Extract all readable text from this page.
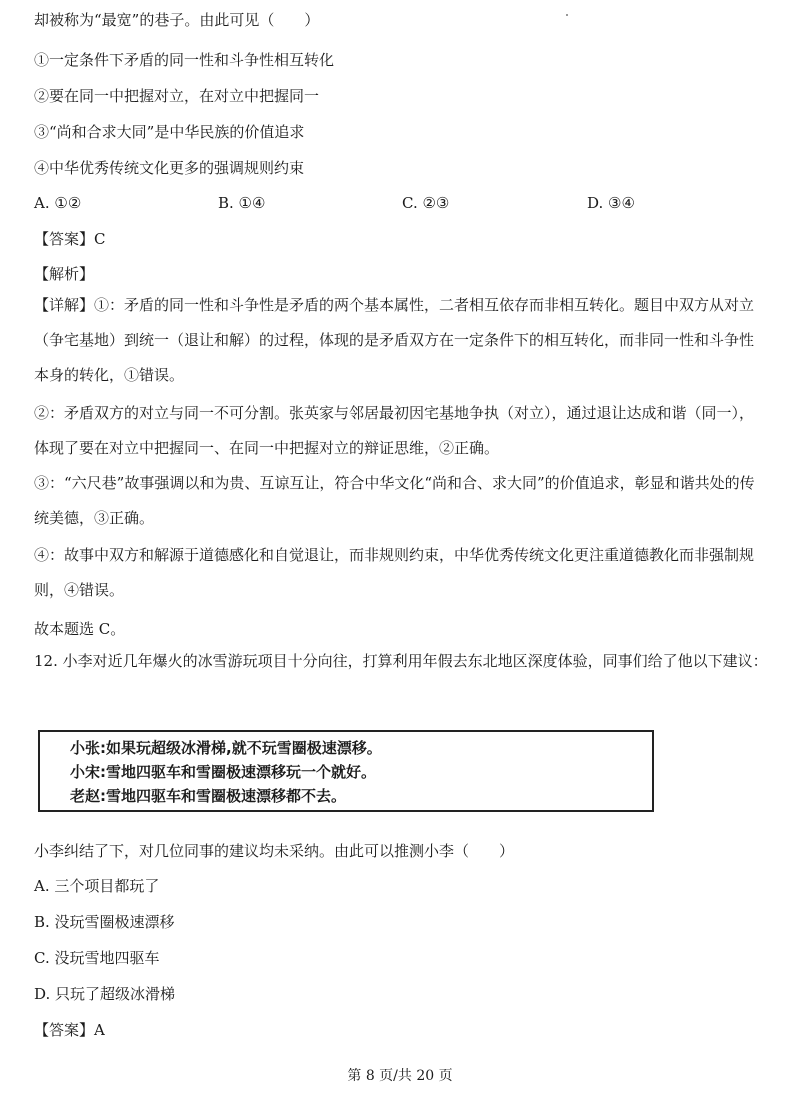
却被称为“最宽”的巷子。由此可见（　　）
①一定条件下矛盾的同一性和斗争性相互转化
②要在同一中把握对立，在对立中把握同一
③“尚和合求大同”是中华民族的价值追求
④中华优秀传统文化更多的强调规则约束
A. ①②	B. ①④	C. ②③	D. ③④
【答案】C
【解析】
【详解】①：矛盾的同一性和斗争性是矛盾的两个基本属性，二者相互依存而非相互转化。题目中双方从对立（争宅基地）到统一（退让和解）的过程，体现的是矛盾双方在一定条件下的相互转化，而非同一性和斗争性本身的转化，①错误。
②：矛盾双方的对立与同一不可分割。张英家与邻居最初因宅基地争执（对立），通过退让达成和谐（同一），体现了要在对立中把握同一、在同一中把握对立的辩证思维，②正确。
③：“六尺巷”故事强调以和为贵、互谅互让，符合中华文化“尚和合、求大同”的价值追求，彰显和谐共处的传统美德，③正确。
④：故事中双方和解源于道德感化和自觉退让，而非规则约束，中华优秀传统文化更注重道德教化而非强制规则，④错误。
故本题选 C。
12. 小李对近几年爆火的冰雪游玩项目十分向往，打算利用年假去东北地区深度体验，同事们给了他以下建议：
小张:如果玩超级冰滑梯,就不玩雪圈极速漂移。
小宋:雪地四驱车和雪圈极速漂移玩一个就好。
老赵:雪地四驱车和雪圈极速漂移都不去。
小李纠结了下，对几位同事的建议均未采纳。由此可以推测小李（　　）
A. 三个项目都玩了
B. 没玩雪圈极速漂移
C. 没玩雪地四驱车
D. 只玩了超级冰滑梯
【答案】A
第 8 页/共 20 页
